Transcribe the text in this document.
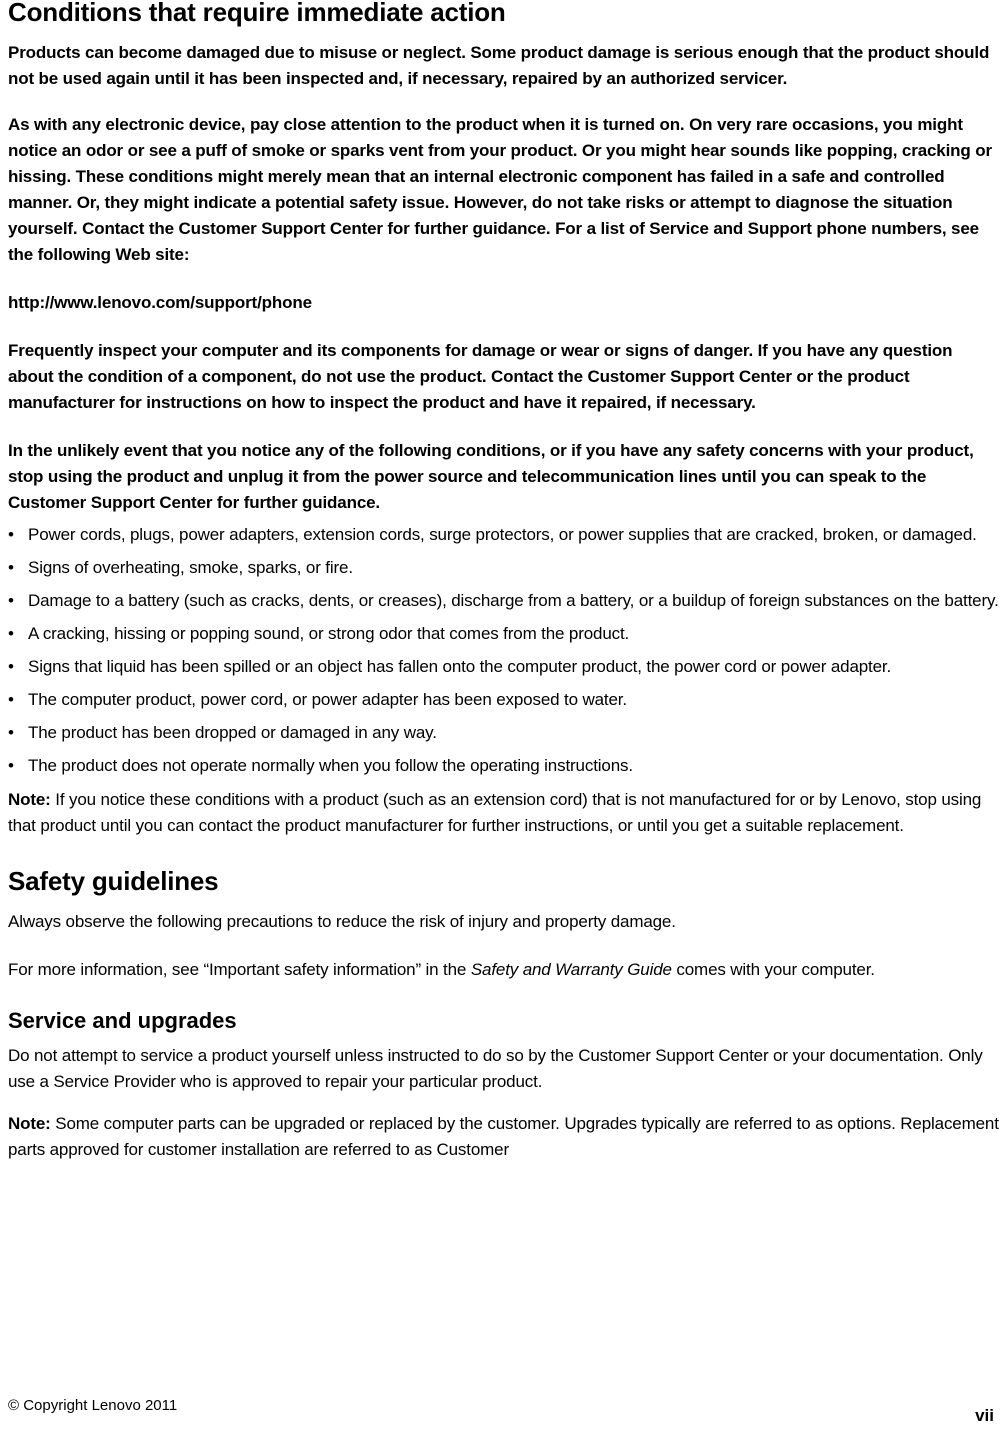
Conditions that require immediate action

Products can become damaged due to misuse or neglect. Some product damage is serious enough that the product should not be used again until it has been inspected and, if necessary, repaired by an authorized servicer.

As with any electronic device, pay close attention to the product when it is turned on. On very rare occasions, you might notice an odor or see a puff of smoke or sparks vent from your product. Or you might hear sounds like popping, cracking or hissing. These conditions might merely mean that an internal electronic component has failed in a safe and controlled manner. Or, they might indicate a potential safety issue. However, do not take risks or attempt to diagnose the situation yourself. Contact the Customer Support Center for further guidance. For a list of Service and Support phone numbers, see the following Web site:

http://www.lenovo.com/support/phone

Frequently inspect your computer and its components for damage or wear or signs of danger. If you have any question about the condition of a component, do not use the product. Contact the Customer Support Center or the product manufacturer for instructions on how to inspect the product and have it repaired, if necessary.

In the unlikely event that you notice any of the following conditions, or if you have any safety concerns with your product, stop using the product and unplug it from the power source and telecommunication lines until you can speak to the Customer Support Center for further guidance.

• Power cords, plugs, power adapters, extension cords, surge protectors, or power supplies that are cracked, broken, or damaged.
• Signs of overheating, smoke, sparks, or fire.
• Damage to a battery (such as cracks, dents, or creases), discharge from a battery, or a buildup of foreign substances on the battery.
• A cracking, hissing or popping sound, or strong odor that comes from the product.
• Signs that liquid has been spilled or an object has fallen onto the computer product, the power cord or power adapter.
• The computer product, power cord, or power adapter has been exposed to water.
• The product has been dropped or damaged in any way.
• The product does not operate normally when you follow the operating instructions.

Note: If you notice these conditions with a product (such as an extension cord) that is not manufactured for or by Lenovo, stop using that product until you can contact the product manufacturer for further instructions, or until you get a suitable replacement.

Safety guidelines

Always observe the following precautions to reduce the risk of injury and property damage.

For more information, see “Important safety information” in the Safety and Warranty Guide comes with your computer.

Service and upgrades

Do not attempt to service a product yourself unless instructed to do so by the Customer Support Center or your documentation. Only use a Service Provider who is approved to repair your particular product.

Note: Some computer parts can be upgraded or replaced by the customer. Upgrades typically are referred to as options. Replacement parts approved for customer installation are referred to as Customer

© Copyright Lenovo 2011
vii
